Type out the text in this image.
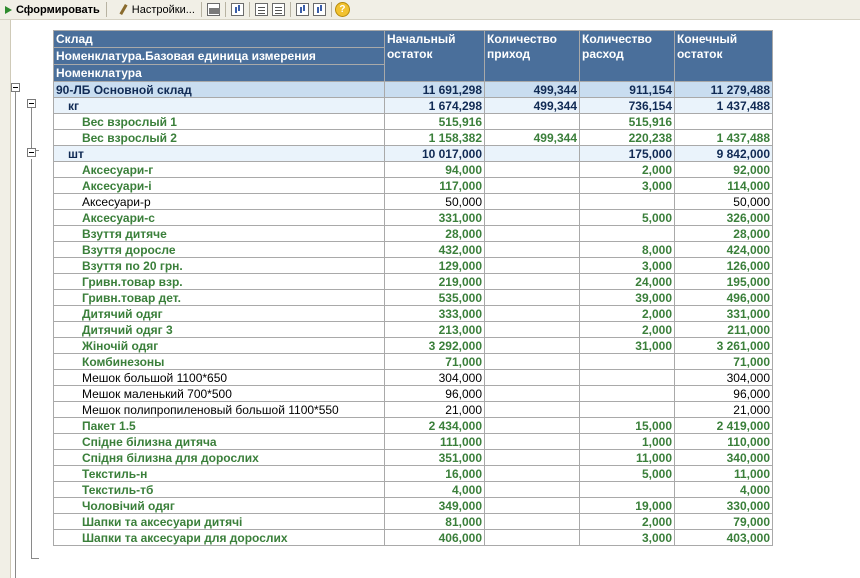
Сформировать	Настройки...	?
Склад	Начальный остаток	Количество приход	Количество расход	Конечный остаток

Номенклатура.Базовая единица измерения				
Номенклатура				
90-ЛБ Основной склад	11 691,298	499,344	911,154	11 279,488
кг	1 674,298	499,344	736,154	1 437,488
Вес взрослый 1	515,916		515,916	
Вес взрослый 2	1 158,382	499,344	220,238	1 437,488
шт	10 017,000		175,000	9 842,000
Аксесуари-г	94,000		2,000	92,000
Аксесуари-і	117,000		3,000	114,000
Аксесуари-р	50,000			50,000
Аксесуари-с	331,000		5,000	326,000
Взуття дитяче	28,000			28,000
Взуття доросле	432,000		8,000	424,000
Взуття по 20 грн.	129,000		3,000	126,000
Гривн.товар взр.	219,000		24,000	195,000
Гривн.товар дет.	535,000		39,000	496,000
Дитячий одяг	333,000		2,000	331,000
Дитячий одяг 3	213,000		2,000	211,000
Жіночій одяг	3 292,000		31,000	3 261,000
Комбинезоны	71,000			71,000
Мешок большой 1100*650	304,000			304,000
Мешок маленький 700*500	96,000			96,000
Мешок полипропиленовый большой 1100*550	21,000			21,000
Пакет 1.5	2 434,000		15,000	2 419,000
Спідне білизна дитяча	111,000		1,000	110,000
Спідня білизна для дорослих	351,000		11,000	340,000
Текстиль-н	16,000		5,000	11,000
Текстиль-тб	4,000			4,000
Чоловічий одяг	349,000		19,000	330,000
Шапки та аксесуари дитячі	81,000		2,000	79,000
Шапки та аксесуари для дорослих	406,000		3,000	403,000
